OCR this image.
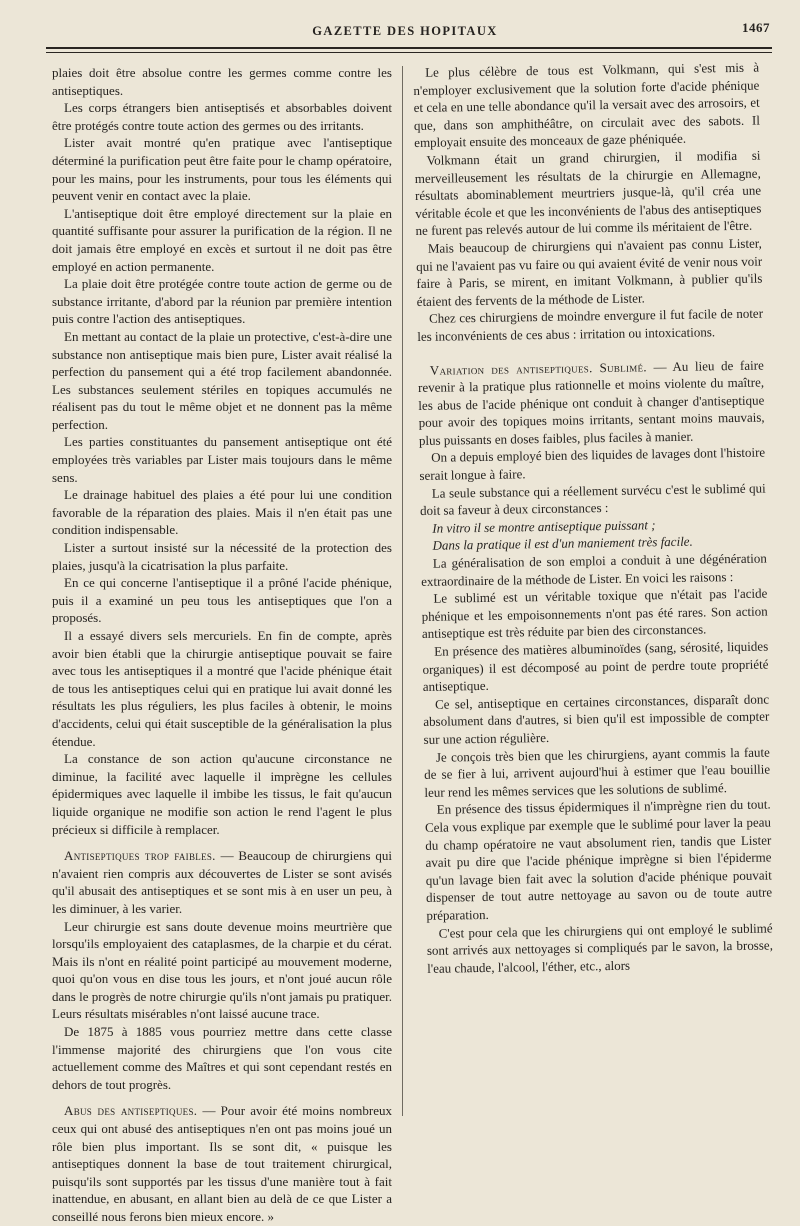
GAZETTE DES HOPITAUX	1467

plaies doit être absolue contre les germes comme contre les antiseptiques.

Les corps étrangers bien antiseptisés et absorbables doivent être protégés contre toute action des germes ou des irritants.

Lister avait montré qu'en pratique avec l'antiseptique déterminé la purification peut être faite pour le champ opératoire, pour les mains, pour les instruments, pour tous les éléments qui peuvent venir en contact avec la plaie.

L'antiseptique doit être employé directement sur la plaie en quantité suffisante pour assurer la purification de la région. Il ne doit jamais être employé en excès et surtout il ne doit pas être employé en action permanente.

La plaie doit être protégée contre toute action de germe ou de substance irritante, d'abord par la réunion par première intention puis contre l'action des antiseptiques.

En mettant au contact de la plaie un protective, c'est-à-dire une substance non antiseptique mais bien pure, Lister avait réalisé la perfection du pansement qui a été trop facilement abandonnée. Les substances seulement stériles en topiques accumulés ne réalisent pas du tout le même objet et ne donnent pas la même perfection.

Les parties constituantes du pansement antiseptique ont été employées très variables par Lister mais toujours dans le même sens.

Le drainage habituel des plaies a été pour lui une condition favorable de la réparation des plaies. Mais il n'en était pas une condition indispensable.

Lister a surtout insisté sur la nécessité de la protection des plaies, jusqu'à la cicatrisation la plus parfaite.

En ce qui concerne l'antiseptique il a prôné l'acide phénique, puis il a examiné un peu tous les antiseptiques que l'on a proposés.

Il a essayé divers sels mercuriels. En fin de compte, après avoir bien établi que la chirurgie antiseptique pouvait se faire avec tous les antiseptiques il a montré que l'acide phénique était de tous les antiseptiques celui qui en pratique lui avait donné les résultats les plus réguliers, les plus faciles à obtenir, le moins d'accidents, celui qui était susceptible de la généralisation la plus étendue.

La constance de son action qu'aucune circonstance ne diminue, la facilité avec laquelle il imprègne les cellules épidermiques avec laquelle il imbibe les tissus, le fait qu'aucun liquide organique ne modifie son action le rend l'agent le plus précieux si difficile à remplacer.

Antiseptiques trop faibles. — Beaucoup de chirurgiens qui n'avaient rien compris aux découvertes de Lister se sont avisés qu'il abusait des antiseptiques et se sont mis à en user un peu, à les diminuer, à les varier.

Leur chirurgie est sans doute devenue moins meurtrière que lorsqu'ils employaient des cataplasmes, de la charpie et du cérat. Mais ils n'ont en réalité point participé au mouvement moderne, quoi qu'on vous en dise tous les jours, et n'ont joué aucun rôle dans le progrès de notre chirurgie qu'ils n'ont jamais pu pratiquer. Leurs résultats misérables n'ont laissé aucune trace.

De 1875 à 1885 vous pourriez mettre dans cette classe l'immense majorité des chirurgiens que l'on vous cite actuellement comme des Maîtres et qui sont cependant restés en dehors de tout progrès.

Abus des antiseptiques. — Pour avoir été moins nombreux ceux qui ont abusé des antiseptiques n'en ont pas moins joué un rôle bien plus important. Ils se sont dit, « puisque les antiseptiques donnent la base de tout traitement chirurgical, puisqu'ils sont supportés par les tissus d'une manière tout à fait inattendue, en abusant, en allant bien au delà de ce que Lister a conseillé nous ferons bien mieux encore. »

Le plus célèbre de tous est Volkmann, qui s'est mis à n'employer exclusivement que la solution forte d'acide phénique et cela en une telle abondance qu'il la versait avec des arrosoirs, et que, dans son amphithéâtre, on circulait avec des sabots. Il employait ensuite des monceaux de gaze phéniquée.

Volkmann était un grand chirurgien, il modifia si merveilleusement les résultats de la chirurgie en Allemagne, résultats abominablement meurtriers jusque-là, qu'il créa une véritable école et que les inconvénients de l'abus des antiseptiques ne furent pas relevés autour de lui comme ils méritaient de l'être.

Mais beaucoup de chirurgiens qui n'avaient pas connu Lister, qui ne l'avaient pas vu faire ou qui avaient évité de venir nous voir faire à Paris, se mirent, en imitant Volkmann, à publier qu'ils étaient des fervents de la méthode de Lister.

Chez ces chirurgiens de moindre envergure il fut facile de noter les inconvénients de ces abus : irritation ou intoxications.

Variation des antiseptiques. Sublimé. — Au lieu de faire revenir à la pratique plus rationnelle et moins violente du maître, les abus de l'acide phénique ont conduit à changer d'antiseptique pour avoir des topiques moins irritants, sentant moins mauvais, plus puissants en doses faibles, plus faciles à manier.

On a depuis employé bien des liquides de lavages dont l'histoire serait longue à faire.

La seule substance qui a réellement survécu c'est le sublimé qui doit sa faveur à deux circonstances :

In vitro il se montre antiseptique puissant ;

Dans la pratique il est d'un maniement très facile.

La généralisation de son emploi a conduit à une dégénération extraordinaire de la méthode de Lister. En voici les raisons :

Le sublimé est un véritable toxique que n'était pas l'acide phénique et les empoisonnements n'ont pas été rares. Son action antiseptique est très réduite par bien des circonstances.

En présence des matières albuminoïdes (sang, sérosité, liquides organiques) il est décomposé au point de perdre toute propriété antiseptique.

Ce sel, antiseptique en certaines circonstances, disparaît donc absolument dans d'autres, si bien qu'il est impossible de compter sur une action régulière.

Je conçois très bien que les chirurgiens, ayant commis la faute de se fier à lui, arrivent aujourd'hui à estimer que l'eau bouillie leur rend les mêmes services que les solutions de sublimé.

En présence des tissus épidermiques il n'imprègne rien du tout. Cela vous explique par exemple que le sublimé pour laver la peau du champ opératoire ne vaut absolument rien, tandis que Lister avait pu dire que l'acide phénique imprègne si bien l'épiderme qu'un lavage bien fait avec la solution d'acide phénique pouvait dispenser de tout autre nettoyage au savon ou de toute autre préparation.

C'est pour cela que les chirurgiens qui ont employé le sublimé sont arrivés aux nettoyages si compliqués par le savon, la brosse, l'eau chaude, l'alcool, l'éther, etc., alors
